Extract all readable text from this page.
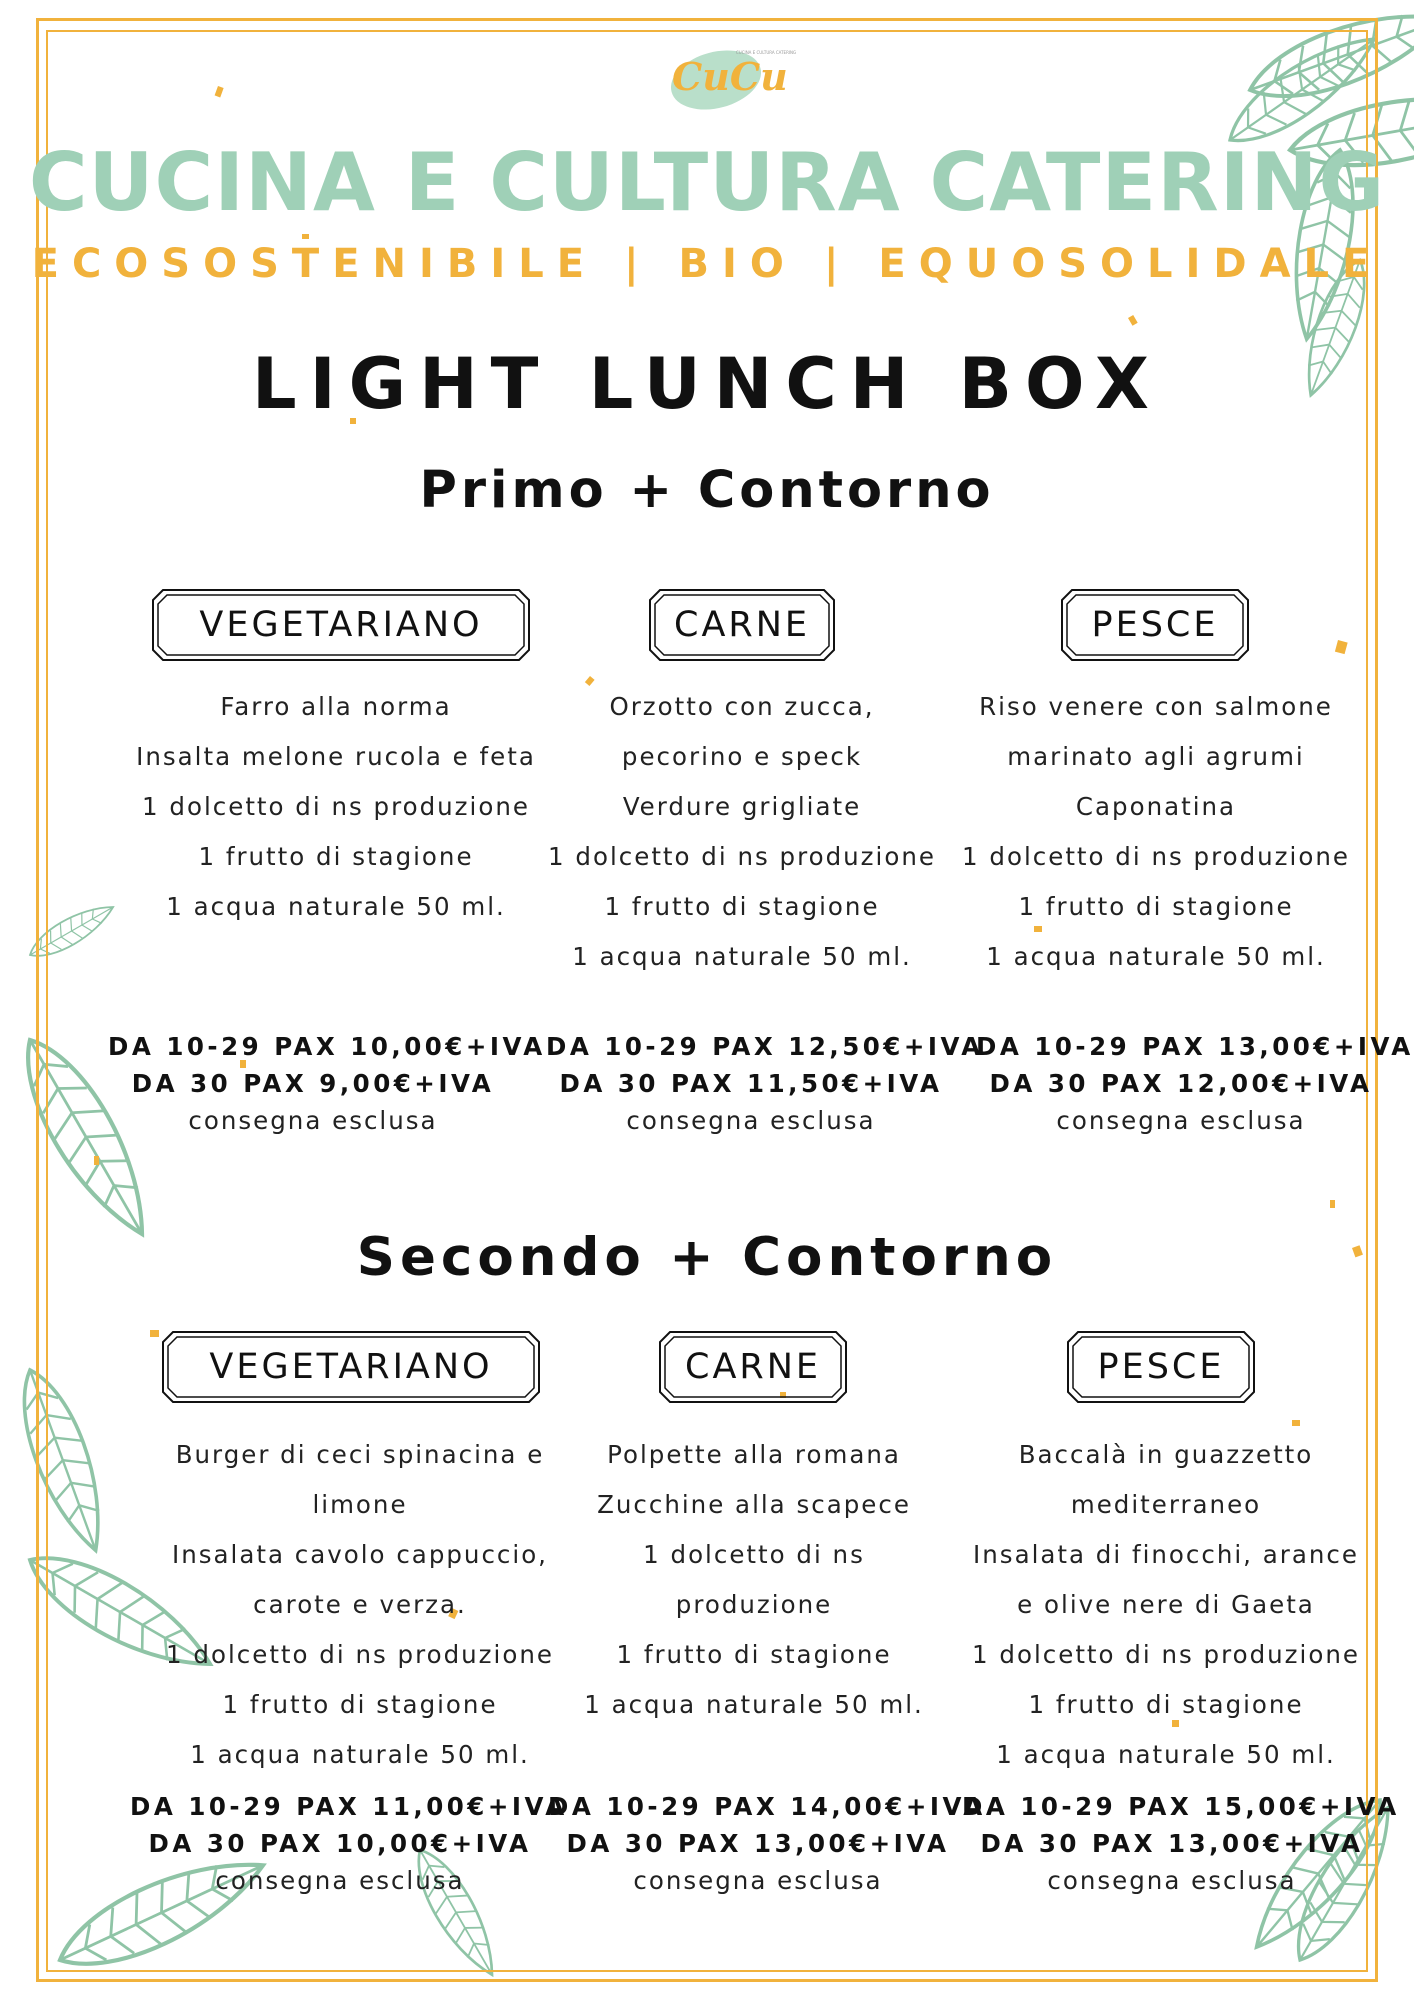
CuCu
CUCINA E CULTURA CATERING
CUCINA E CULTURA CATERING
ECOSOSTENIBILE | BIO | EQUOSOLIDALE
LIGHT LUNCH BOX
Primo + Contorno
VEGETARIANO	CARNE	PESCE
Farro alla norma
Insalta melone rucola e feta
1 dolcetto di ns produzione
1 frutto di stagione
1 acqua naturale 50 ml.
Orzotto con zucca,
pecorino e speck
Verdure grigliate
1 dolcetto di ns produzione
1 frutto di stagione
1 acqua naturale 50 ml.
Riso venere con salmone
marinato agli agrumi
Caponatina
1 dolcetto di ns produzione
1 frutto di stagione
1 acqua naturale 50 ml.
DA 10-29 PAX 10,00€+IVA
DA 30 PAX 9,00€+IVA
consegna esclusa
DA 10-29 PAX 12,50€+IVA
DA 30 PAX 11,50€+IVA
consegna esclusa
DA 10-29 PAX 13,00€+IVA
DA 30 PAX 12,00€+IVA
consegna esclusa
Secondo + Contorno
VEGETARIANO	CARNE	PESCE
Burger di ceci spinacina e
limone
Insalata cavolo cappuccio,
carote e verza.
1 dolcetto di ns produzione
1 frutto di stagione
1 acqua naturale 50 ml.
Polpette alla romana
Zucchine alla scapece
1 dolcetto di ns
produzione
1 frutto di stagione
1 acqua naturale 50 ml.
Baccalà in guazzetto
mediterraneo
Insalata di finocchi, arance
e olive nere di Gaeta
1 dolcetto di ns produzione
1 frutto di stagione
1 acqua naturale 50 ml.
DA 10-29 PAX 11,00€+IVA
DA 30 PAX 10,00€+IVA
consegna esclusa
DA 10-29 PAX 14,00€+IVA
DA 30 PAX 13,00€+IVA
consegna esclusa
DA 10-29 PAX 15,00€+IVA
DA 30 PAX 13,00€+IVA
consegna esclusa
